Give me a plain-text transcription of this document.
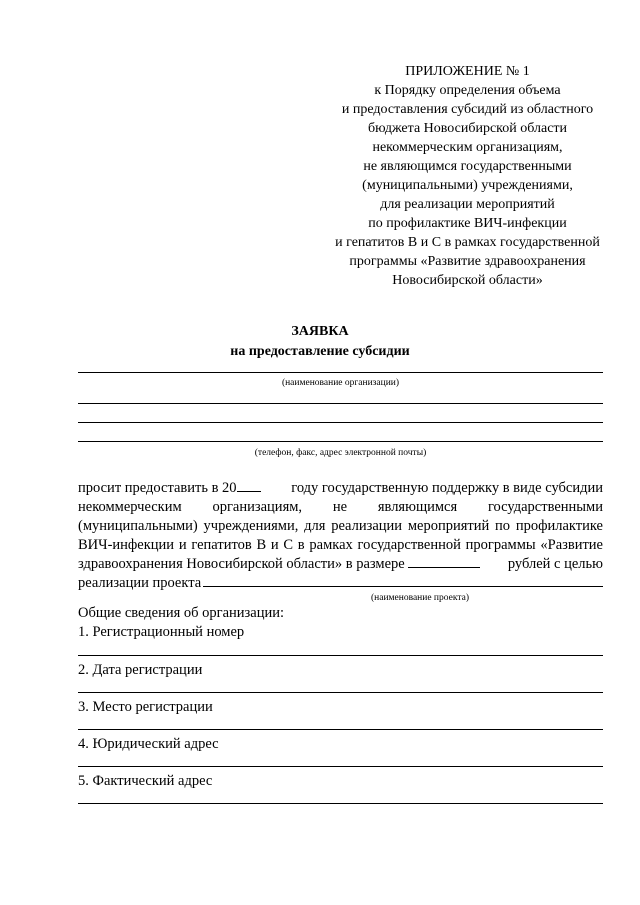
ПРИЛОЖЕНИЕ № 1
к Порядку определения объема
и предоставления субсидий из областного
бюджета Новосибирской области
некоммерческим организациям,
не являющимся государственными
(муниципальными) учреждениями,
для реализации мероприятий
по профилактике ВИЧ-инфекции
и гепатитов В и С в рамках государственной
программы «Развитие здравоохранения
Новосибирской области»
ЗАЯВКА
на предоставление субсидии
(наименование организации)
(телефон, факс, адрес электронной почты)
просит предоставить в 20	году государственную поддержку в виде субсидии
некоммерческим организациям, не являющимся государственными
(муниципальными) учреждениями, для реализации мероприятий по профилактике
ВИЧ-инфекции и гепатитов В и С в рамках государственной программы «Развитие
здравоохранения Новосибирской области» в размере	рублей с целью
реализации проекта
(наименование проекта)
Общие сведения об организации:
1. Регистрационный номер
2. Дата регистрации
3. Место регистрации
4. Юридический адрес
5. Фактический адрес
